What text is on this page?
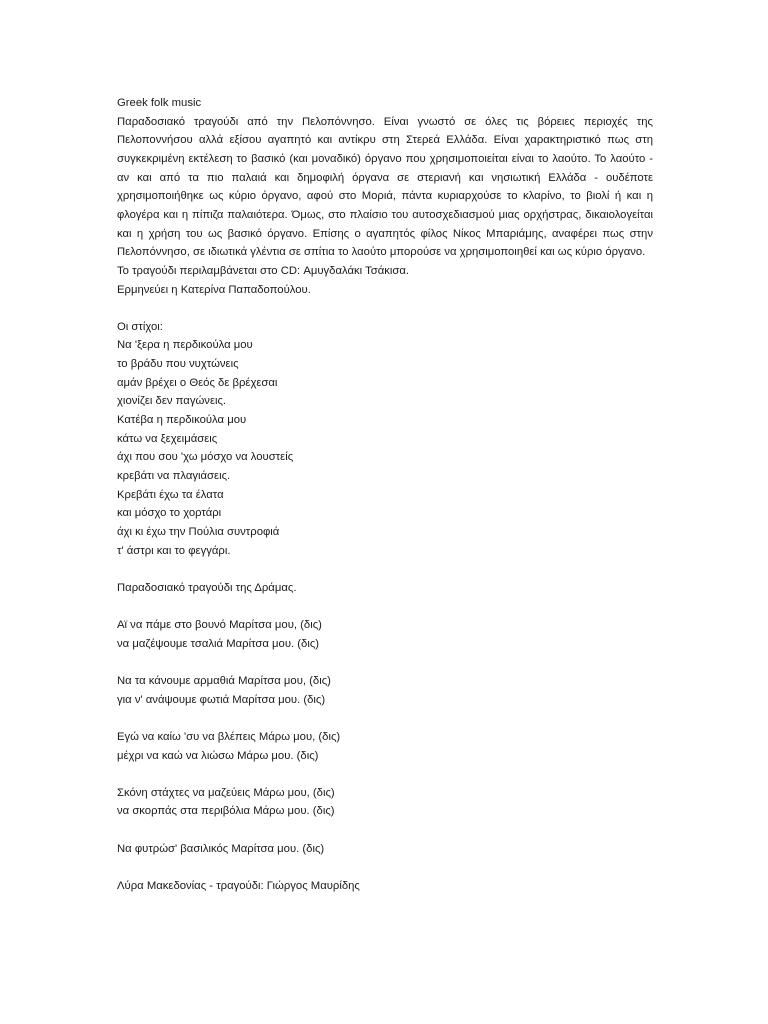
Greek folk music

Παραδοσιακό τραγούδι από την Πελοπόννησο. Είναι γνωστό σε όλες τις βόρειες περιοχές της Πελοποννήσου αλλά εξίσου αγαπητό και αντίκρυ στη Στερεά Ελλάδα. Είναι χαρακτηριστικό πως στη συγκεκριμένη εκτέλεση το βασικό (και μοναδικό) όργανο που χρησιμοποιείται είναι το λαούτο. Το λαούτο - αν και από τα πιο παλαιά και δημοφιλή όργανα σε στεριανή και νησιωτική Ελλάδα - ουδέποτε χρησιμοποιήθηκε ως κύριο όργανο, αφού στο Μοριά, πάντα κυριαρχούσε το κλαρίνο, το βιολί ή και η φλογέρα και η πίπιζα παλαιότερα. Όμως, στο πλαίσιο του αυτοσχεδιασμού μιας ορχήστρας, δικαιολογείται και η χρήση του ως βασικό όργανο. Επίσης ο αγαπητός φίλος Νίκος Μπαριάμης, αναφέρει πως στην Πελοπόννησο, σε ιδιωτικά γλέντια σε σπίτια το λαούτο μπορούσε να χρησιμοποιηθεί και ως κύριο όργανο.

Το τραγούδι περιλαμβάνεται στο CD: Αμυγδαλάκι Τσάκισα.
Ερμηνεύει η Κατερίνα Παπαδοπούλου.
Οι στίχοι:
Να 'ξερα η περδικούλα μου
το βράδυ που νυχτώνεις
αμάν βρέχει ο Θεός δε βρέχεσαι
χιονίζει δεν παγώνεις.
Κατέβα η περδικούλα μου
κάτω να ξεχειμάσεις
άχι που σου 'χω μόσχο να λουστείς
κρεβάτι να πλαγιάσεις.
Κρεβάτι έχω τα έλατα
και μόσχο το χορτάρι
άχι κι έχω την Πούλια συντροφιά
τ' άστρι και το φεγγάρι.
Παραδοσιακό τραγούδι της Δράμας.
Αϊ να πάμε στο βουνό Μαρίτσα μου, (δις)
να μαζέψουμε τσαλιά Μαρίτσα μου. (δις)
Να τα κάνουμε αρμαθιά Μαρίτσα μου, (δις)
για ν' ανάψουμε φωτιά Μαρίτσα μου. (δις)
Εγώ να καίω 'συ να βλέπεις Μάρω μου, (δις)
μέχρι να καώ να λιώσω Μάρω μου. (δις)
Σκόνη στάχτες να μαζεύεις Μάρω μου, (δις)
να σκορπάς στα περιβόλια Μάρω μου. (δις)
Να φυτρώσ' βασιλικός Μαρίτσα μου. (δις)
Λύρα Μακεδονίας - τραγούδι: Γιώργος Μαυρίδης
